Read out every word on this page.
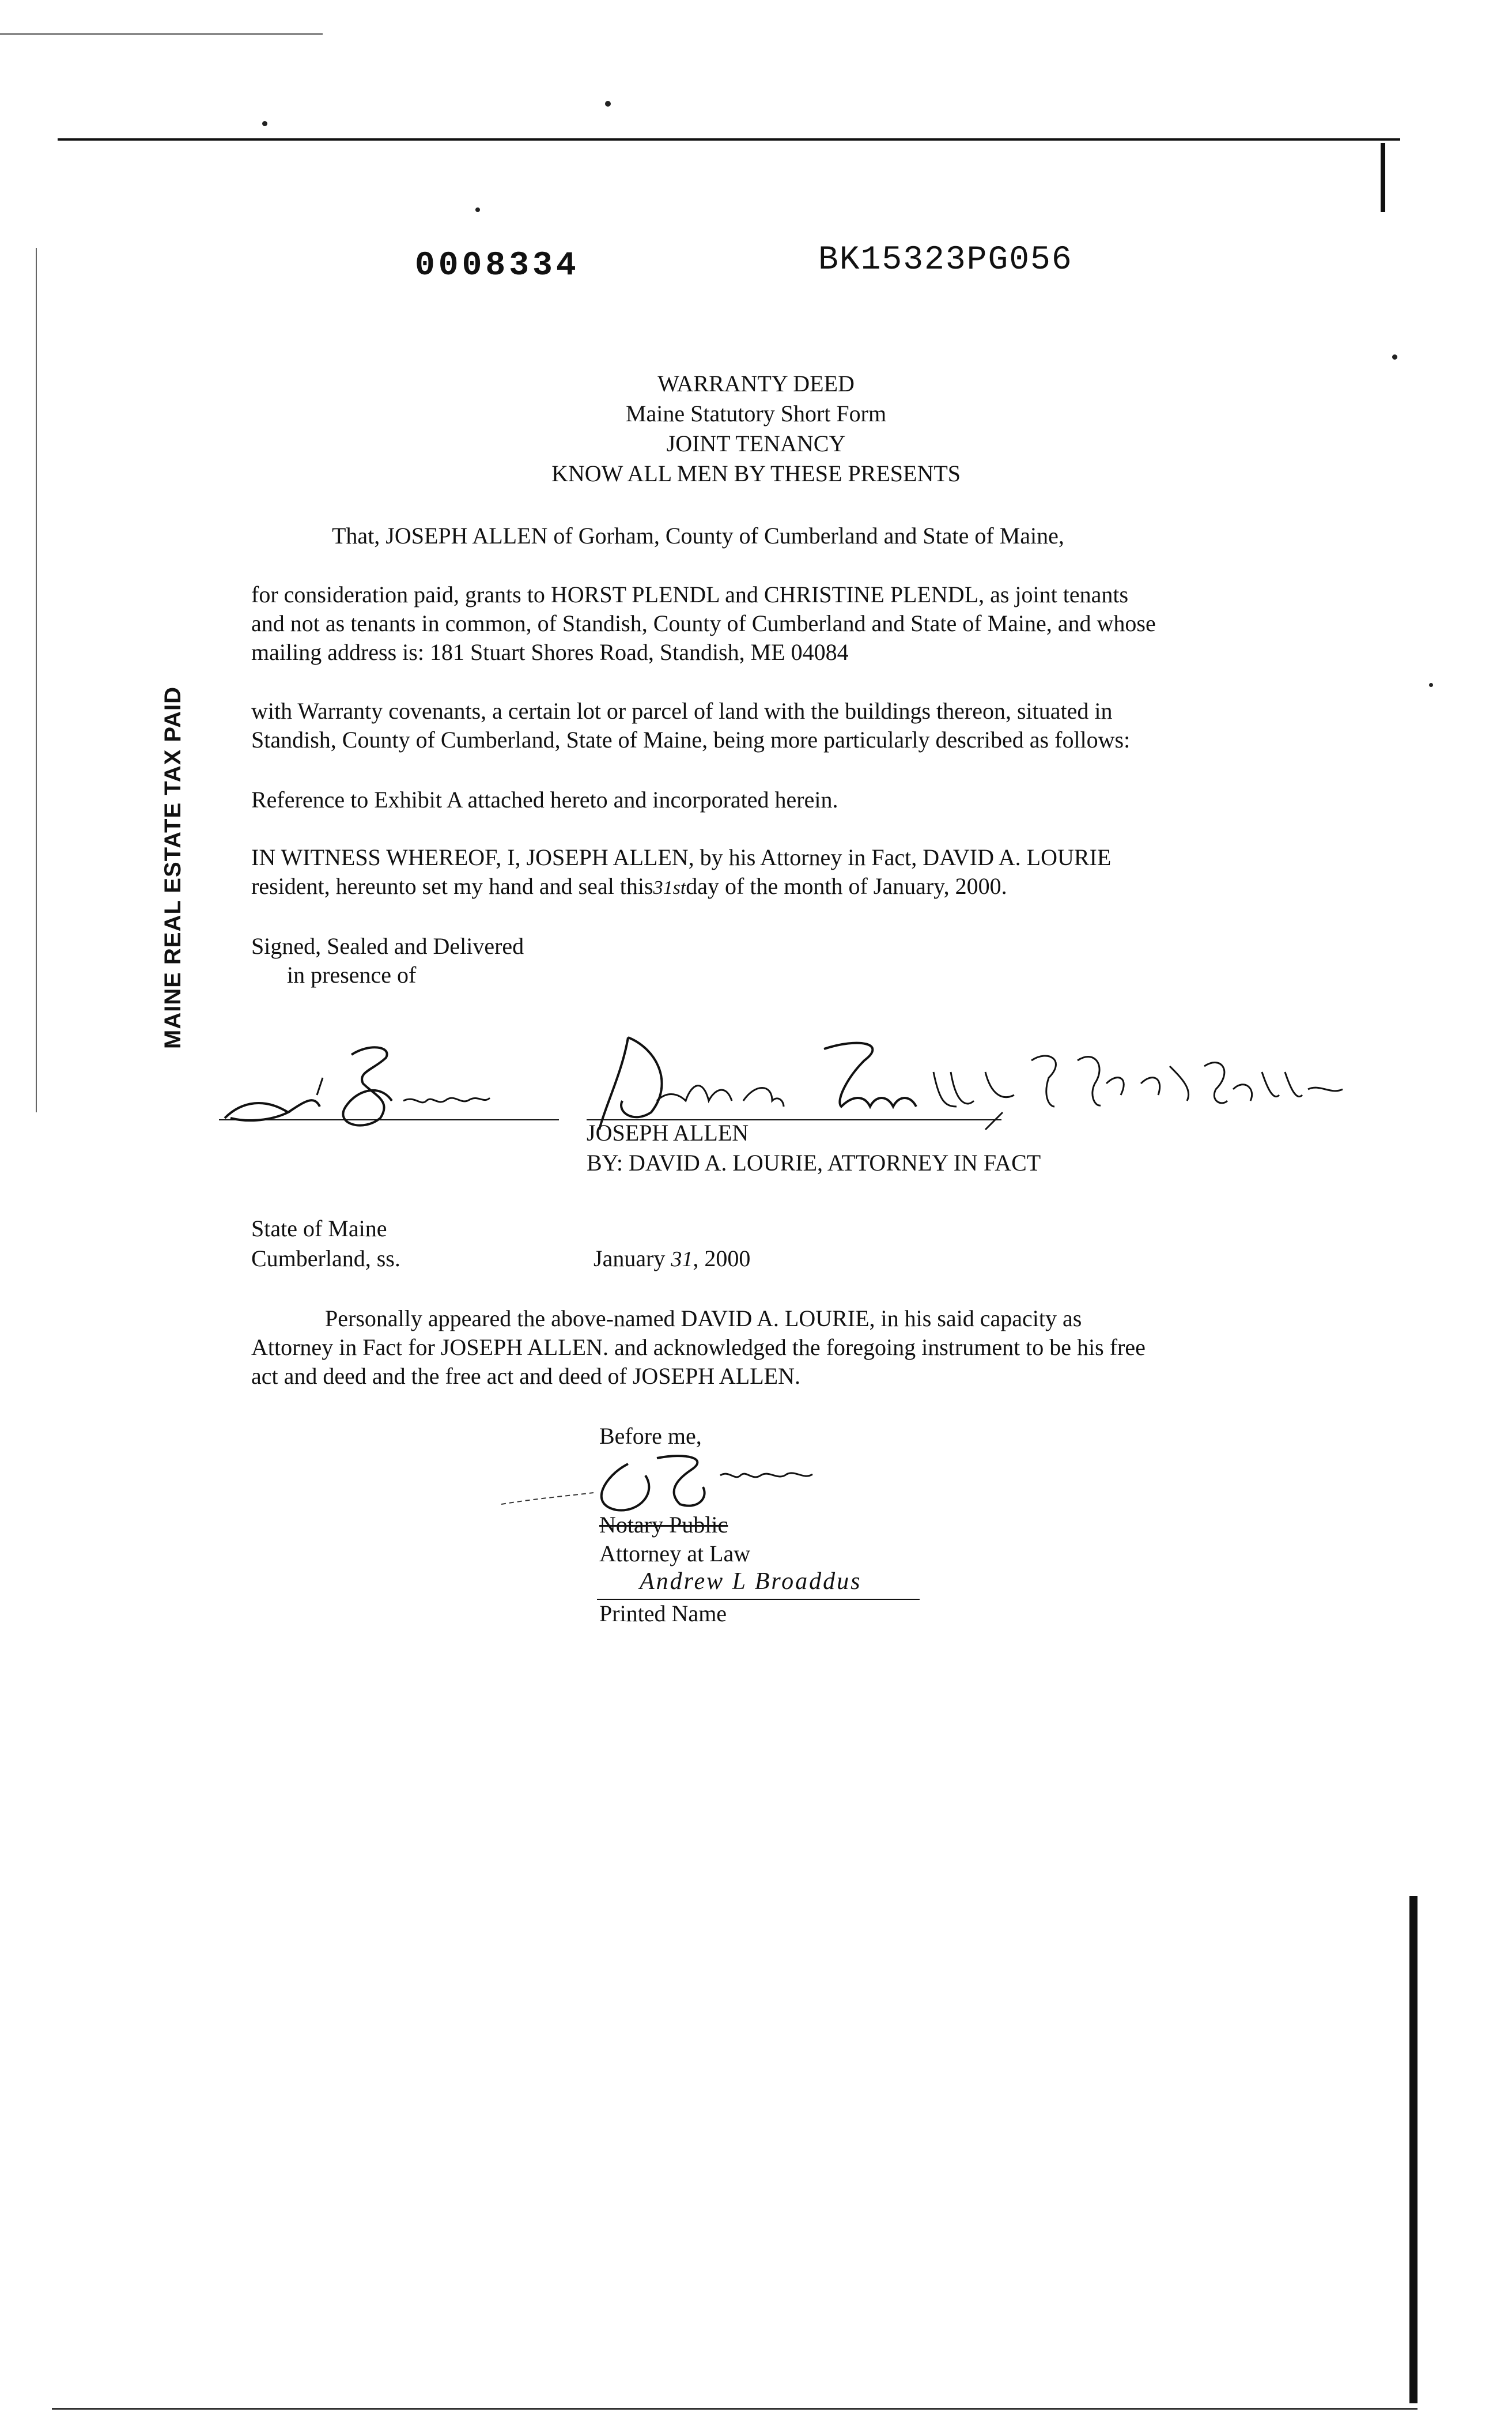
0008334	BK15323PG056
MAINE REAL ESTATE TAX PAID
WARRANTY DEED
Maine Statutory Short Form
JOINT TENANCY
KNOW ALL MEN BY THESE PRESENTS
That, JOSEPH ALLEN of Gorham, County of Cumberland and State of Maine,
for consideration paid, grants to HORST PLENDL and CHRISTINE PLENDL, as joint tenants
and not as tenants in common, of Standish, County of Cumberland and State of Maine, and whose
mailing address is: 181 Stuart Shores Road, Standish, ME 04084
with Warranty covenants, a certain lot or parcel of land with the buildings thereon, situated in
Standish, County of Cumberland, State of Maine, being more particularly described as follows:
Reference to Exhibit A attached hereto and incorporated herein.
IN WITNESS WHEREOF, I, JOSEPH ALLEN, by his Attorney in Fact, DAVID A. LOURIE
resident, hereunto set my hand and seal this31stday of the month of January, 2000.
Signed, Sealed and Delivered
in presence of
JOSEPH ALLEN
BY: DAVID A. LOURIE, ATTORNEY IN FACT
State of Maine
Cumberland, ss.	January 31, 2000
Personally appeared the above-named DAVID A. LOURIE, in his said capacity as
Attorney in Fact for JOSEPH ALLEN. and acknowledged the foregoing instrument to be his free
act and deed and the free act and deed of JOSEPH ALLEN.
Before me,
Notary Public
Attorney at Law
Andrew L Broaddus
Printed Name
